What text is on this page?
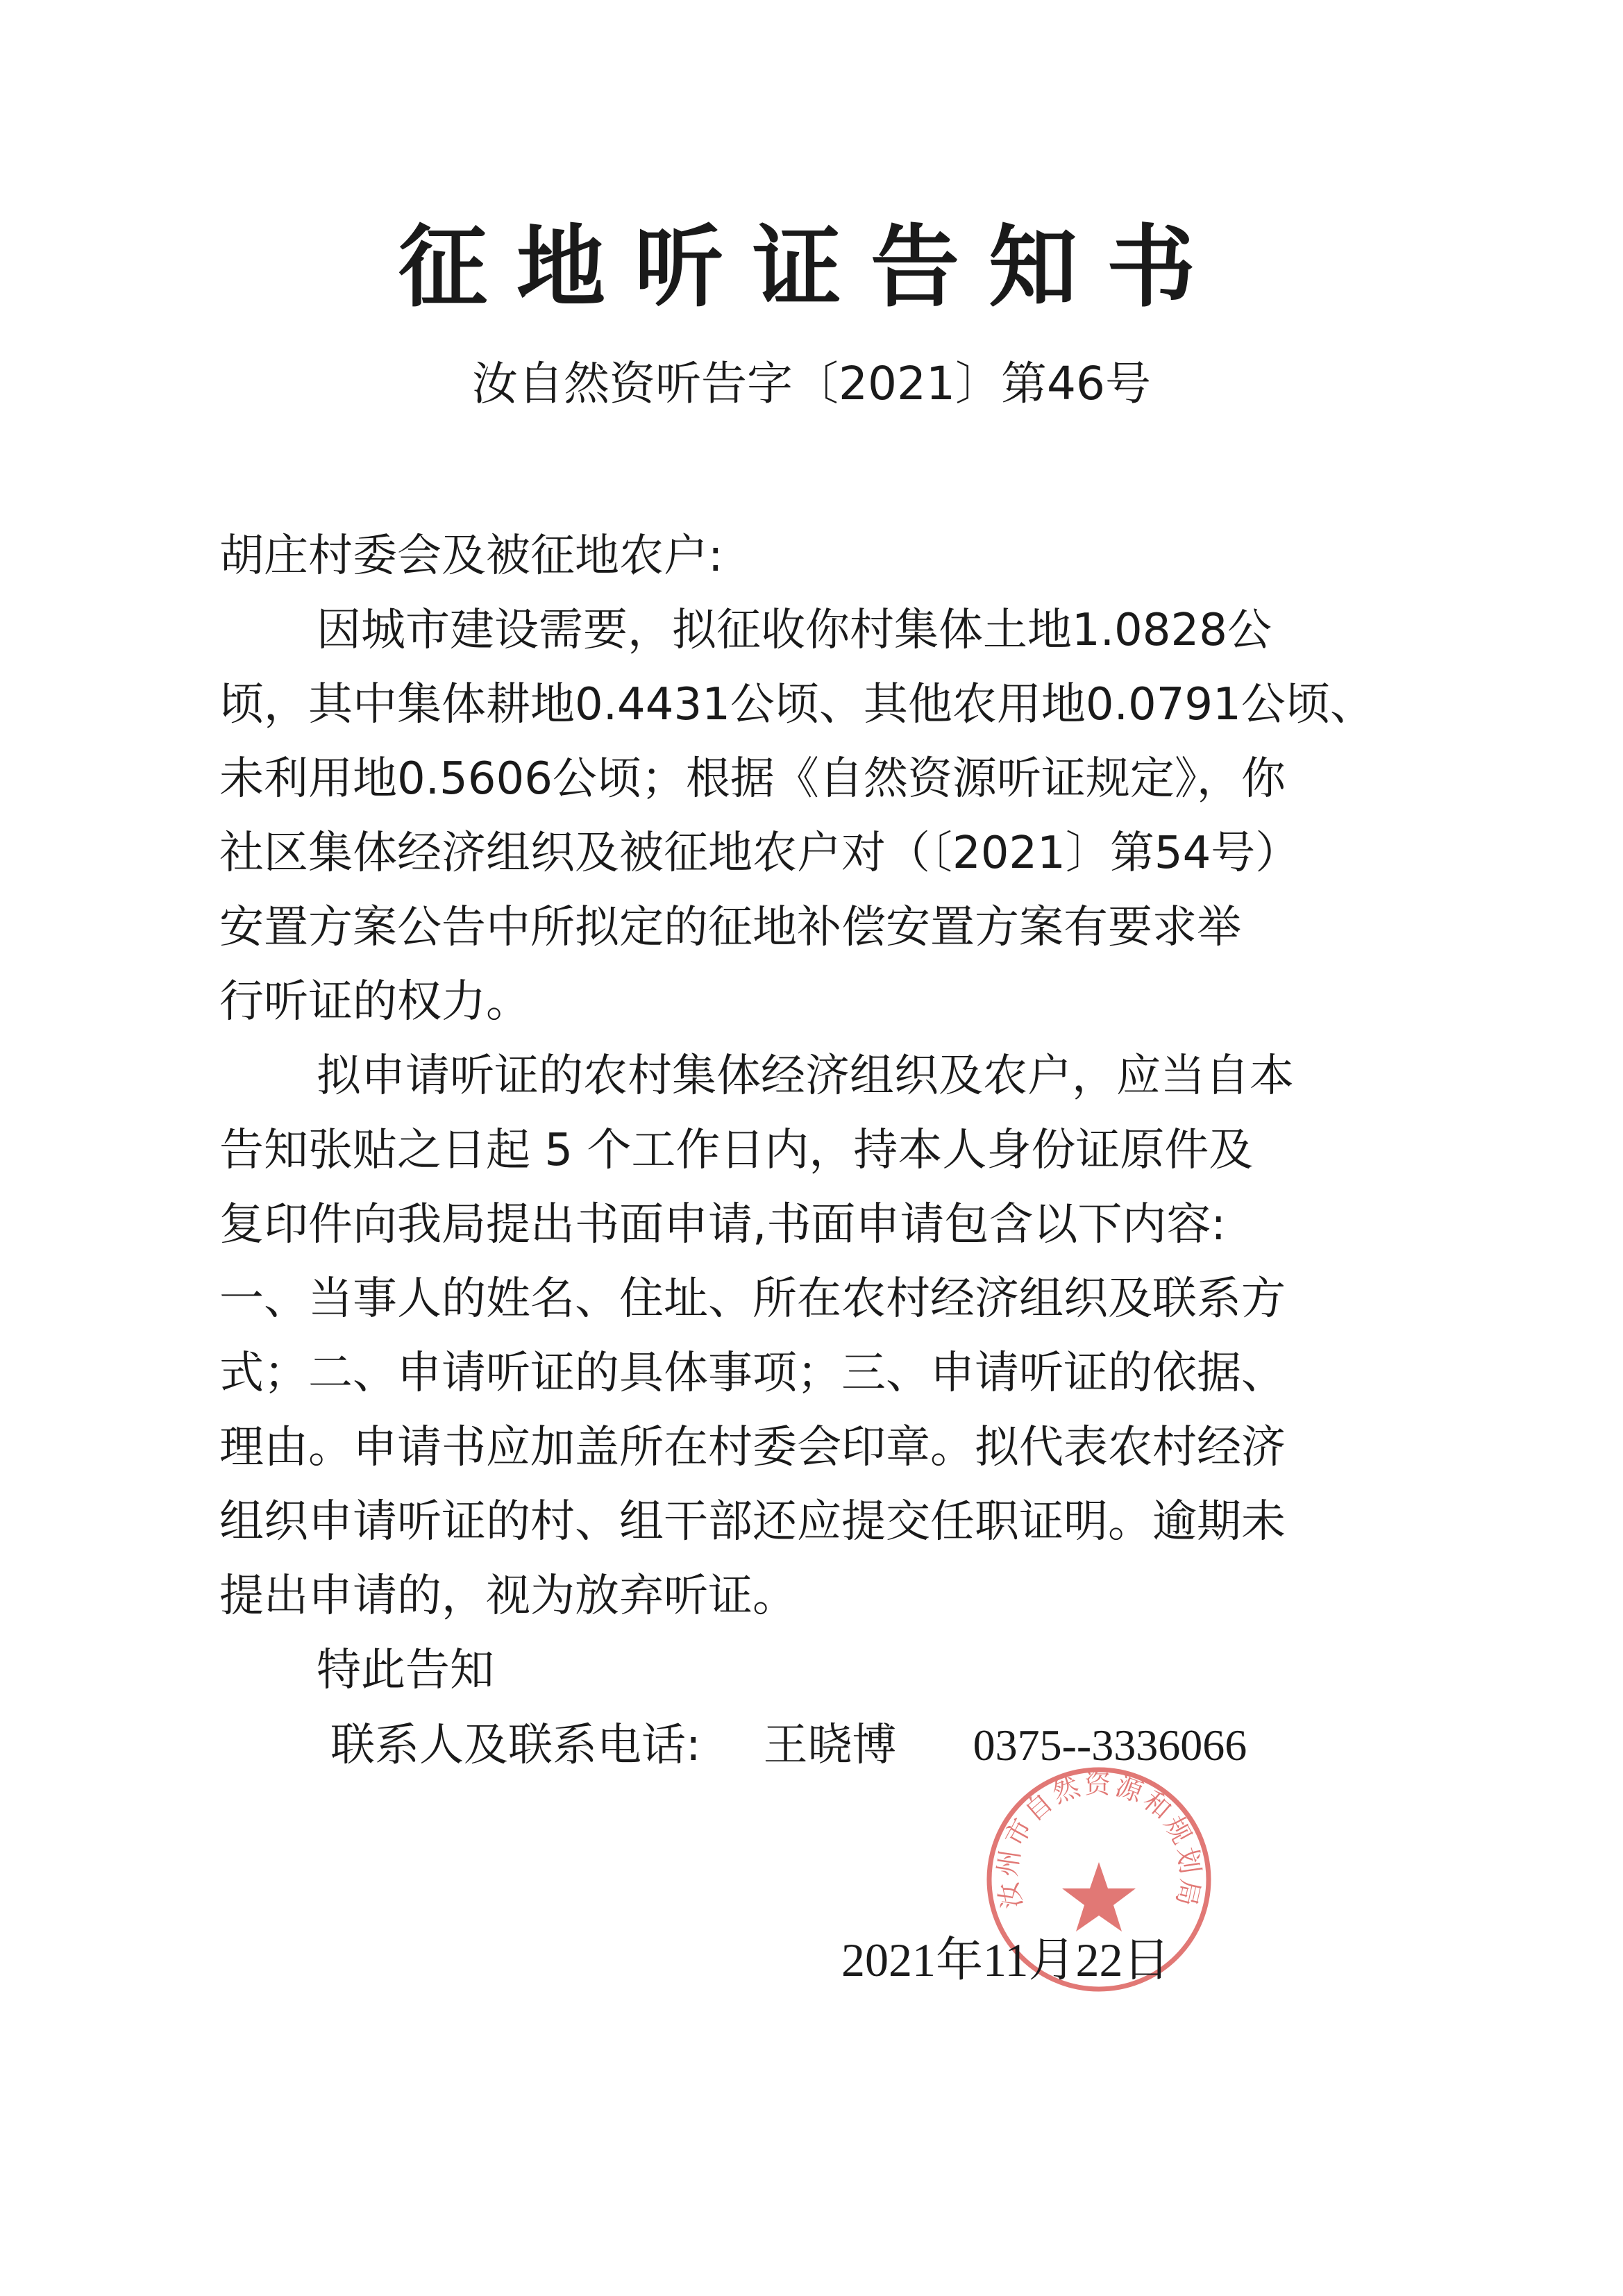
征地听证告知书
汝自然资听告字〔2021〕第46号
胡庄村委会及被征地农户:
因城市建设需要，拟征收你村集体土地1.0828公
顷，其中集体耕地0.4431公顷、其他农用地0.0791公顷、
未利用地0.5606公顷；根据《自然资源听证规定》，你
社区集体经济组织及被征地农户对（〔2021〕第54号）
安置方案公告中所拟定的征地补偿安置方案有要求举
行听证的权力。
拟申请听证的农村集体经济组织及农户，应当自本
告知张贴之日起 5 个工作日内，持本人身份证原件及
复印件向我局提出书面申请,书面申请包含以下内容:
一、当事人的姓名、住址、所在农村经济组织及联系方
式；二、申请听证的具体事项；三、申请听证的依据、
理由。申请书应加盖所在村委会印章。拟代表农村经济
组织申请听证的村、组干部还应提交任职证明。逾期未
提出申请的，视为放弃听证。
特此告知
联系人及联系电话: 王晓博 0375--3336066
汝州市自然资源和规划局
2021年11月22日
